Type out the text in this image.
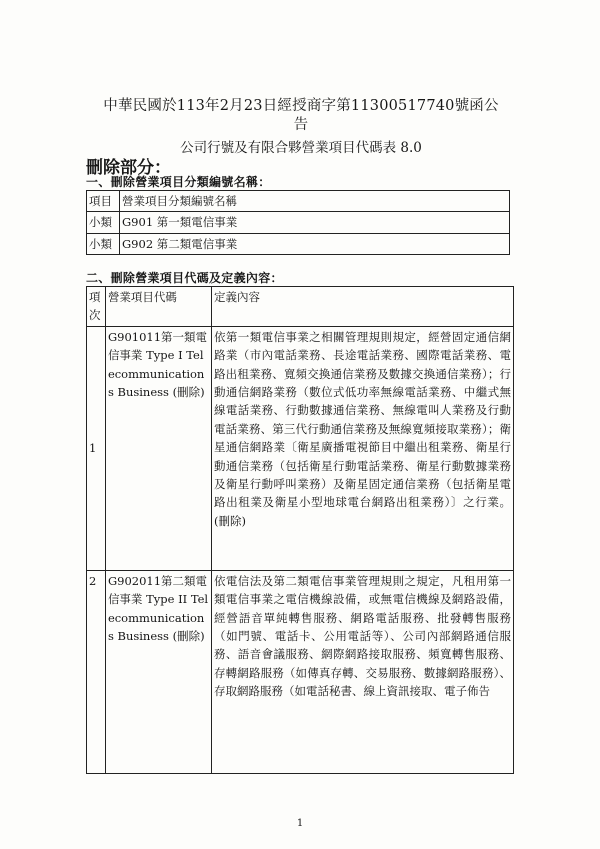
中華民國於113年2月23日經授商字第11300517740號函公
告
公司行號及有限合夥營業項目代碼表 8.0
刪除部分：
一、刪除營業項目分類編號名稱：
項目	營業項目分類編號名稱
小類	G901 第一類電信事業
小類	G902 第二類電信事業
二、刪除營業項目代碼及定義內容：
項次	營業項目代碼	定義內容
1	G901011第一類電信事業 Type I Telecommunications Business (刪除)	依第一類電信事業之相關管理規則規定，經營固定通信網路業（市內電話業務、長途電話業務、國際電話業務、電路出租業務、寬頻交換通信業務及數據交換通信業務）；行動通信網路業務（數位式低功率無線電話業務、中繼式無線電話業務、行動數據通信業務、無線電叫人業務及行動電話業務、第三代行動通信業務及無線寬頻接取業務）；衛星通信網路業〔衛星廣播電視節目中繼出租業務、衛星行動通信業務（包括衛星行動電話業務、衛星行動數據業務及衛星行動呼叫業務）及衛星固定通信業務（包括衛星電路出租業及衛星小型地球電台網路出租業務）〕之行業。(刪除)
2	G902011第二類電信事業 Type II Telecommunications Business (刪除)	依電信法及第二類電信事業管理規則之規定，凡租用第一類電信事業之電信機線設備，或無電信機線及網路設備，經營語音單純轉售服務、網路電話服務、批發轉售服務（如門號、電話卡、公用電話等）、公司內部網路通信服務、語音會議服務、網際網路接取服務、頻寬轉售服務、存轉網路服務（如傳真存轉、交易服務、數據網路服務）、存取網路服務（如電話秘書、線上資訊接取、電子佈告
1
